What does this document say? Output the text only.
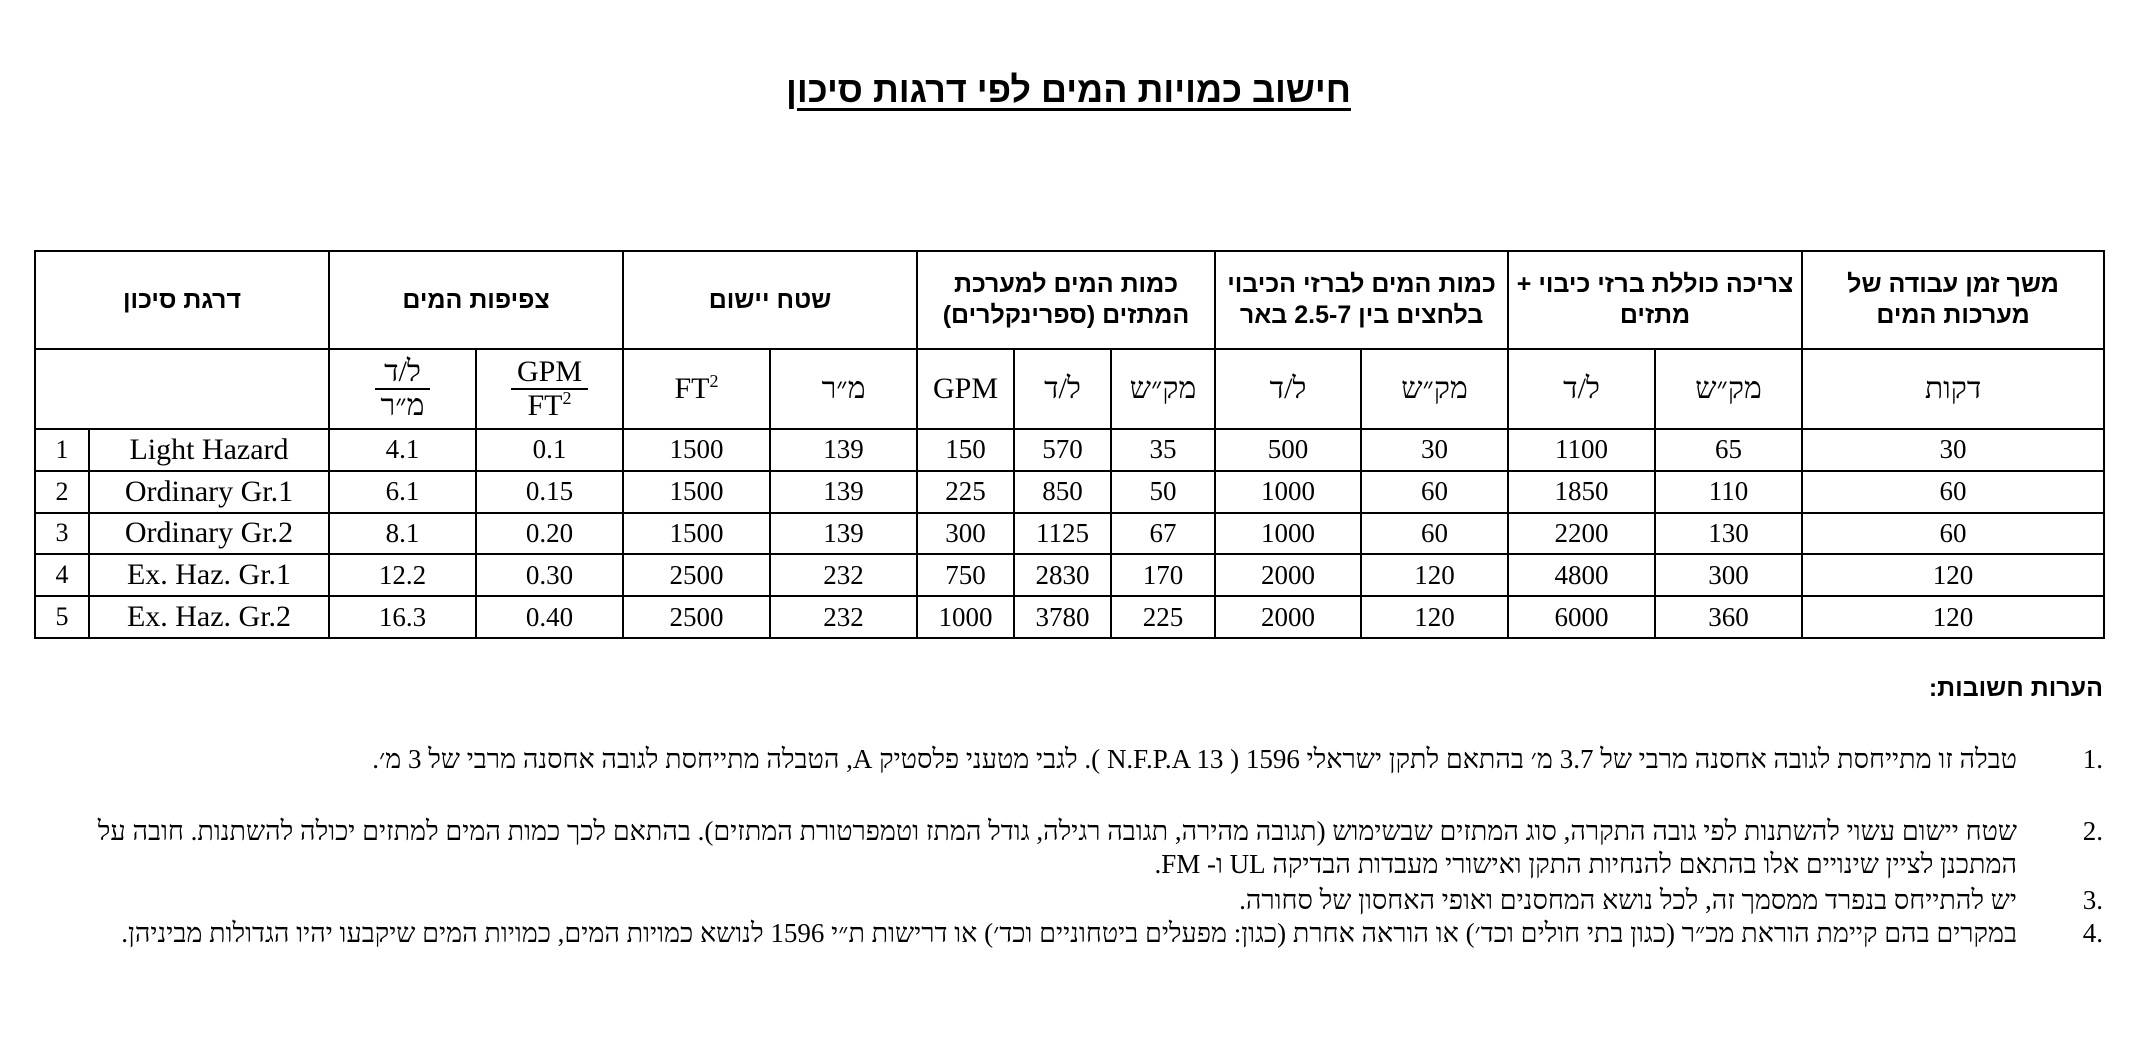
חישוב כמויות המים לפי דרגות סיכון
דרגת סיכון		צפיפות המים		שטח יישום		כמות המים למערכת המתזים (ספרינקלרים)			כמות המים לברזי הכיבוי בלחצים בין 2.5-7 באר		צריכה כוללת ברזי כיבוי + מתזים		משך זמן עבודה של מערכות המים

		$\frac{\text{ל/ד}}{\text{מ״ר}}$	$\frac{\text{GPM}}{FT^2}$	$FT^2$	מ״ר	GPM	ל/ד	מק״ש	ל/ד	מק״ש	ל/ד	מק״ש	דקות
1	Light Hazard	4.1	0.1	1500	139	150	570	35	500	30	1100	65	30
2	Ordinary Gr.1	6.1	0.15	1500	139	225	850	50	1000	60	1850	110	60
3	Ordinary Gr.2	8.1	0.20	1500	139	300	1125	67	1000	60	2200	130	60
4	Ex. Haz. Gr.1	12.2	0.30	2500	232	750	2830	170	2000	120	4800	300	120
5	Ex. Haz. Gr.2	16.3	0.40	2500	232	1000	3780	225	2000	120	6000	360	120
הערות חשובות:
1.
טבלה זו מתייחסת לגובה אחסנה מרבי של 3.7 מ׳ בהתאם לתקן ישראלי 1596 ( N.F.P.A 13 ). לגבי מטעני פלסטיק A, הטבלה מתייחסת לגובה אחסנה מרבי של 3 מ׳.
2.
שטח יישום עשוי להשתנות לפי גובה התקרה, סוג המתזים שבשימוש (תגובה מהירה, תגובה רגילה, גודל המתז וטמפרטורת המתזים). בהתאם לכך כמות המים למתזים יכולה להשתנות. חובה על המתכנן לציין שינויים אלו בהתאם להנחיות התקן ואישורי מעבדות הבדיקה UL ו- FM.
3.
יש להתייחס בנפרד ממסמך זה, לכל נושא המחסנים ואופי האחסון של סחורה.
4.
במקרים בהם קיימת הוראת מכ״ר (כגון בתי חולים וכד׳) או הוראה אחרת (כגון: מפעלים ביטחוניים וכד׳) או דרישות ת״י 1596 לנושא כמויות המים, כמויות המים שיקבעו יהיו הגדולות מביניהן.
